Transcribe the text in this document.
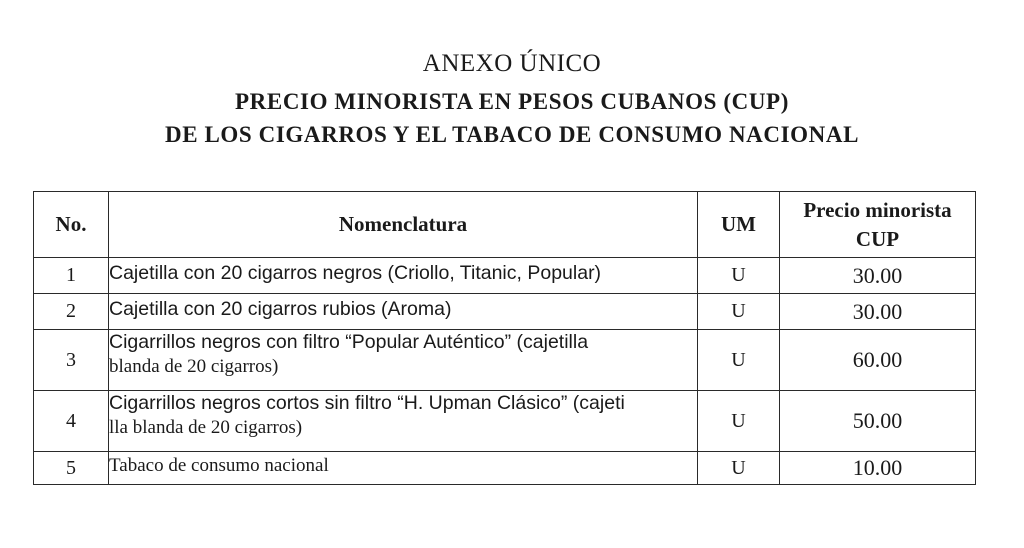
ANEXO ÚNICO
PRECIO MINORISTA EN PESOS CUBANOS (CUP)
DE LOS CIGARROS Y EL TABACO DE CONSUMO NACIONAL
No.	Nomenclatura	UM	Precio minorista
CUP

1	Cajetilla con 20 cigarros negros (Criollo, Titanic, Popular)	U	30.00
2	Cajetilla con 20 cigarros rubios (Aroma)	U	30.00
3	Cigarrillos negros con filtro “Popular Auténtico” (cajetilla
blanda de 20 cigarros)	U	60.00
4	Cigarrillos negros cortos sin filtro “H. Upman Clásico” (cajeti
lla blanda de 20 cigarros)	U	50.00
5	Tabaco de consumo nacional	U	10.00
